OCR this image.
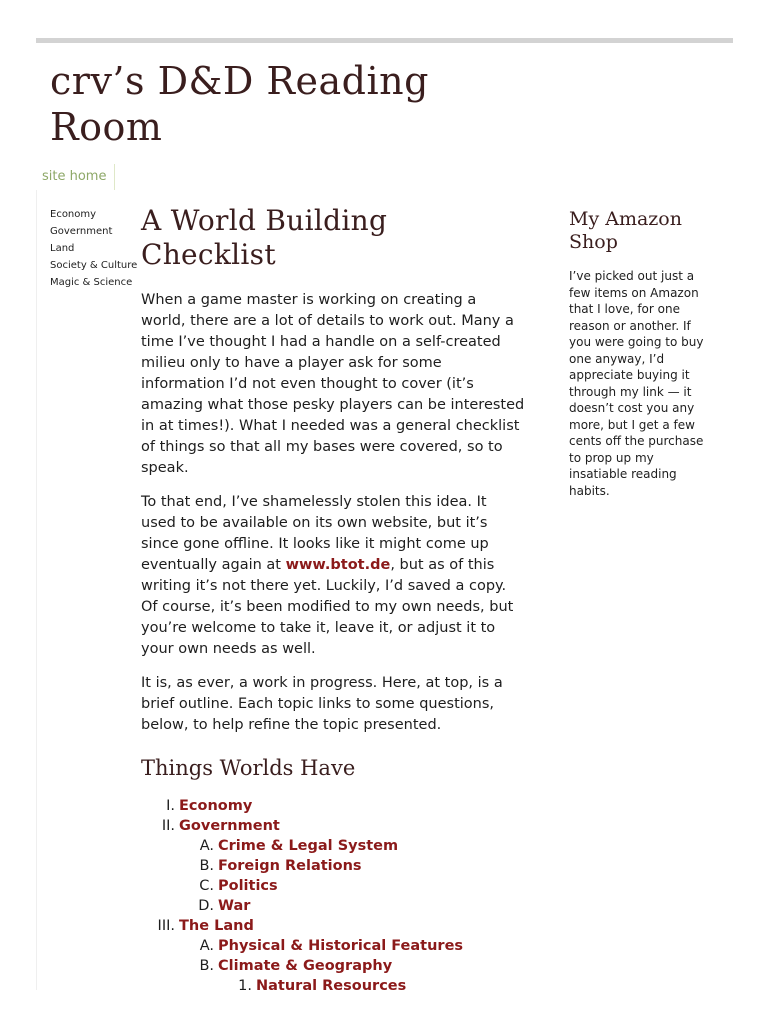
crv’s D&D Reading Room
site home
Economy
Government
Land
Society & Culture
Magic & Science
A World Building Checklist

When a game master is working on creating a world, there are a lot of details to work out. Many a time I’ve thought I had a handle on a self-created milieu only to have a player ask for some information I’d not even thought to cover (it’s amazing what those pesky players can be interested in at times!). What I needed was a general checklist of things so that all my bases were covered, so to speak.

To that end, I’ve shamelessly stolen this idea. It used to be available on its own website, but it’s since gone offline. It looks like it might come up eventually again at www.btot.de, but as of this writing it’s not there yet. Luckily, I’d saved a copy. Of course, it’s been modified to my own needs, but you’re welcome to take it, leave it, or adjust it to your own needs as well.

It is, as ever, a work in progress. Here, at top, is a brief outline. Each topic links to some questions, below, to help refine the topic presented.

Things Worlds Have
I. Economy
II. Government
A. Crime & Legal System
B. Foreign Relations
C. Politics
D. War
III. The Land
A. Physical & Historical Features
B. Climate & Geography
1. Natural Resources
My Amazon Shop

I’ve picked out just a few items on Amazon that I love, for one reason or another. If you were going to buy one anyway, I’d appreciate buying it through my link — it doesn’t cost you any more, but I get a few cents off the purchase to prop up my insatiable reading habits.
